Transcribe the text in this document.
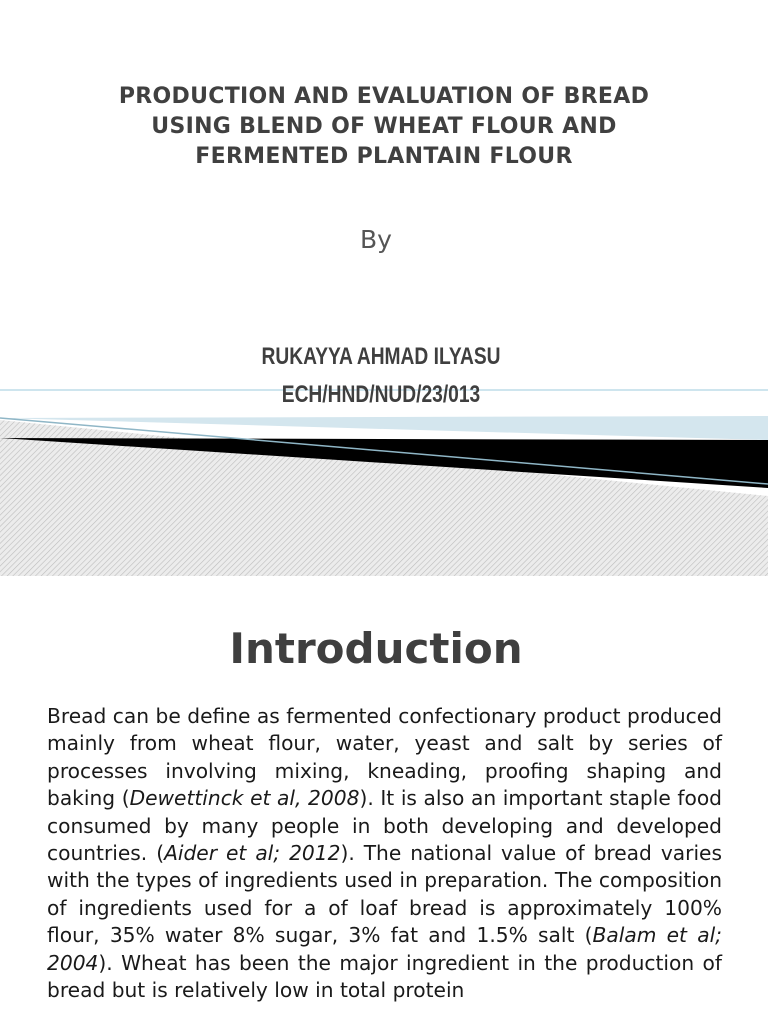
PRODUCTION AND EVALUATION OF BREAD
USING BLEND OF WHEAT FLOUR AND
FERMENTED PLANTAIN FLOUR
By
RUKAYYA AHMAD ILYASU
ECH/HND/NUD/23/013
Introduction

Bread can be define as fermented confectionary product produced mainly from wheat flour, water, yeast and salt by series of processes involving mixing, kneading, proofing shaping and baking (Dewettinck et al, 2008). It is also an important staple food consumed by many people in both developing and developed countries. (Aider et al; 2012). The national value of bread varies with the types of ingredients used in preparation. The composition of ingredients used for a of loaf bread is approximately 100% flour, 35% water 8% sugar, 3% fat and 1.5% salt (Balam et al; 2004). Wheat has been the major ingredient in the production of bread but is relatively low in total protein
